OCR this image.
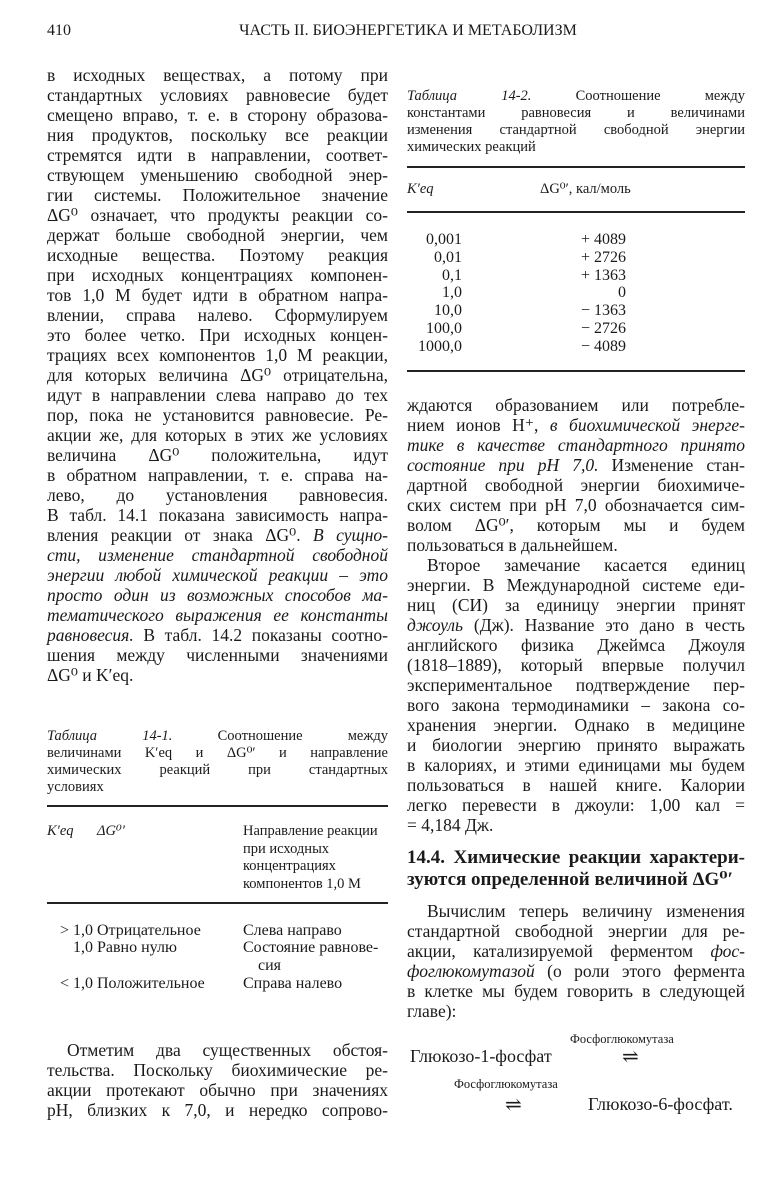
410	ЧАСТЬ II. БИОЭНЕРГЕТИКА И МЕТАБОЛИЗМ
в исходных веществах, а потому при
стандартных условиях равновесие будет
смещено вправо, т. е. в сторону образова-
ния продуктов, поскольку все реакции
стремятся идти в направлении, соответ-
ствующем уменьшению свободной энер-
гии системы. Положительное значение
ΔG⁰ означает, что продукты реакции со-
держат больше свободной энергии, чем
исходные вещества. Поэтому реакция
при исходных концентрациях компонен-
тов 1,0 М будет идти в обратном напра-
влении, справа налево. Сформулируем
это более четко. При исходных концен-
трациях всех компонентов 1,0 М реакции,
для которых величина ΔG⁰ отрицательна,
идут в направлении слева направо до тех
пор, пока не установится равновесие. Ре-
акции же, для которых в этих же условиях
величина ΔG⁰ положительна, идут
в обратном направлении, т. е. справа на-
лево, до установления равновесия.
В табл. 14.1 показана зависимость напра-
вления реакции от знака ΔG⁰. В сущно-
сти, изменение стандартной свободной
энергии любой химической реакции – это
просто один из возможных способов ма-
тематического выражения ее константы
равновесия. В табл. 14.2 показаны соотно-
шения между численными значениями
ΔG⁰ и K′eq.
Таблица	14-1. Соотношение между
величинами K′eq и ΔG⁰′ и направление
химических реакций при стандартных
условиях
K′eq ΔG⁰′	Направление реакции
при исходных
концентрациях
компонентов 1,0 М
> 1,0 Отрицательное	Слева направо
1,0 Равно нулю	Состояние равнове-
сия
< 1,0 Положительное Справа налево
Отметим два существенных обстоя-
тельства. Поскольку биохимические ре-
акции протекают обычно при значениях
pH, близких к 7,0, и нередко сопрово-
Таблица	14-2. Соотношение между
константами равновесия и величинами
изменения стандартной свободной энергии
химических реакций
K′eq	ΔG⁰′, кал/моль
0,001	+ 4089
0,01	+ 2726
0,1	+ 1363
1,0	0
10,0	− 1363
100,0	− 2726
1000,0	− 4089
ждаются образованием или потребле-
нием ионов H⁺, в биохимической энерге-
тике в качестве стандартного принято
состояние при pH 7,0. Изменение стан-
дартной свободной энергии биохимиче-
ских систем при pH 7,0 обозначается сим-
волом ΔG⁰′, которым мы и будем
пользоваться в дальнейшем.
Второе замечание касается единиц
энергии. В Международной системе еди-
ниц (СИ) за единицу энергии принят
джоуль (Дж). Название это дано в честь
английского физика Джеймса Джоуля
(1818–1889), который впервые получил
экспериментальное подтверждение пер-
вого закона термодинамики – закона со-
хранения энергии. Однако в медицине
и биологии энергию принято выражать
в калориях, и этими единицами мы будем
пользоваться в нашей книге. Калории
легко перевести в джоули: 1,00 кал =
= 4,184 Дж.
14.4. Химические реакции характери-
зуются определенной величиной ΔG⁰′
Вычислим теперь величину изменения
стандартной свободной энергии для ре-
акции, катализируемой ферментом фос-
фоглюкомутазой (о роли этого фермента
в клетке мы будем говорить в следующей
главе):
Фосфоглюкомутаза
Глюкозо-1-фосфат	⇌
Фосфоглюкомутаза
⇌	Глюкозо-6-фосфат.
